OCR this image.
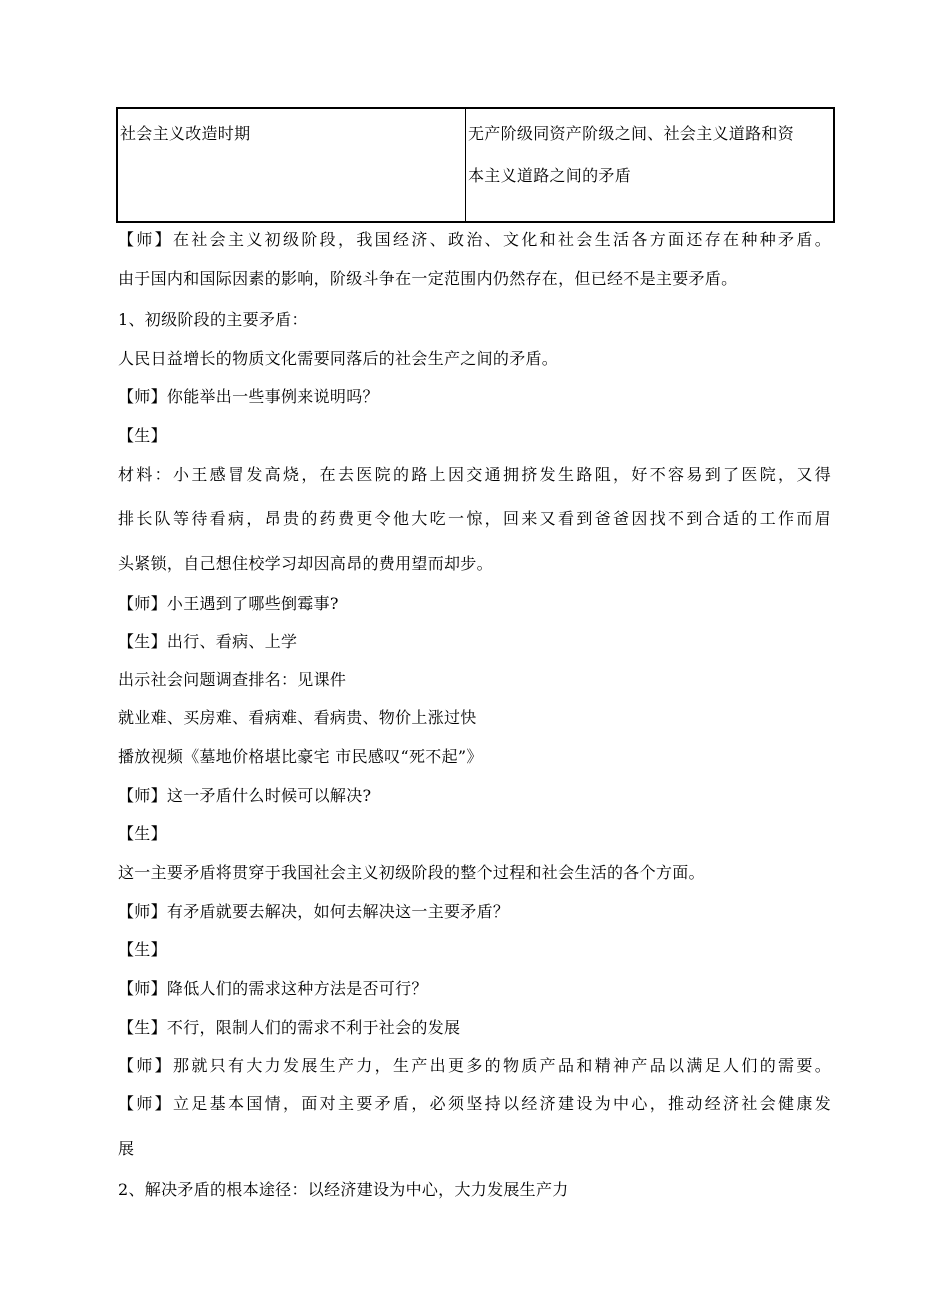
社会主义改造时期	无产阶级同资产阶级之间、社会主义道路和资
本主义道路之间的矛盾
【师】在社会主义初级阶段，我国经济、政治、文化和社会生活各方面还存在种种矛盾。
由于国内和国际因素的影响，阶级斗争在一定范围内仍然存在，但已经不是主要矛盾。
1、初级阶段的主要矛盾：
人民日益增长的物质文化需要同落后的社会生产之间的矛盾。
【师】你能举出一些事例来说明吗？
【生】
材料：小王感冒发高烧，在去医院的路上因交通拥挤发生路阻，好不容易到了医院，又得
排长队等待看病，昂贵的药费更令他大吃一惊，回来又看到爸爸因找不到合适的工作而眉
头紧锁，自己想住校学习却因高昂的费用望而却步。
【师】小王遇到了哪些倒霉事?
【生】出行、看病、上学
出示社会问题调查排名：见课件
就业难、买房难、看病难、看病贵、物价上涨过快
播放视频《墓地价格堪比豪宅 市民感叹“死不起”》
【师】这一矛盾什么时候可以解决?
【生】
这一主要矛盾将贯穿于我国社会主义初级阶段的整个过程和社会生活的各个方面。
【师】有矛盾就要去解决，如何去解决这一主要矛盾？
【生】
【师】降低人们的需求这种方法是否可行？
【生】不行，限制人们的需求不利于社会的发展
【师】那就只有大力发展生产力，生产出更多的物质产品和精神产品以满足人们的需要。
【师】立足基本国情，面对主要矛盾，必须坚持以经济建设为中心，推动经济社会健康发
展
2、解决矛盾的根本途径：以经济建设为中心，大力发展生产力
